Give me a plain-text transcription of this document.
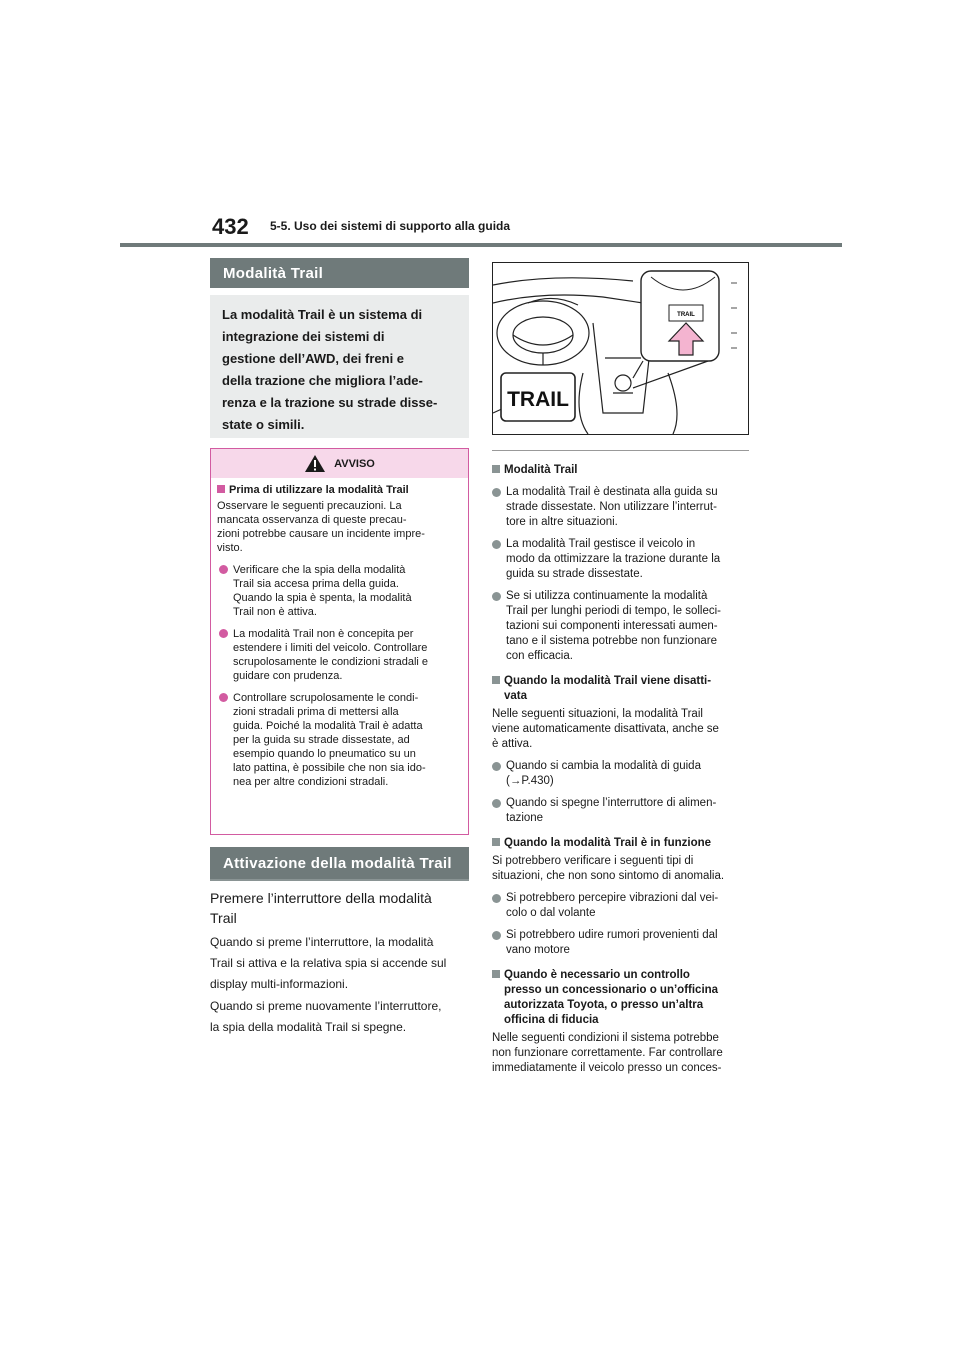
432 5-5. Uso dei sistemi di supporto alla guida
Modalità Trail
La modalità Trail è un sistema di
integrazione dei sistemi di
gestione dell’AWD, dei freni e
della trazione che migliora l’ade-
renza e la trazione su strade disse-
state o simili.
AVVISO
Prima di utilizzare la modalità Trail
Osservare le seguenti precauzioni. La
mancata osservanza di queste precau-
zioni potrebbe causare un incidente impre-
visto.
Verificare che la spia della modalità
Trail sia accesa prima della guida.
Quando la spia è spenta, la modalità
Trail non è attiva.
La modalità Trail non è concepita per
estendere i limiti del veicolo. Controllare
scrupolosamente le condizioni stradali e
guidare con prudenza.
Controllare scrupolosamente le condi-
zioni stradali prima di mettersi alla
guida. Poiché la modalità Trail è adatta
per la guida su strade dissestate, ad
esempio quando lo pneumatico su un
lato pattina, è possibile che non sia ido-
nea per altre condizioni stradali.
Attivazione della modalità Trail
Premere l’interruttore della modalità
Trail
Quando si preme l’interruttore, la modalità
Trail si attiva e la relativa spia si accende sul
display multi-informazioni.
Quando si preme nuovamente l’interruttore,
la spia della modalità Trail si spegne.
TRAIL
TRAIL
Modalità Trail
La modalità Trail è destinata alla guida su
strade dissestate. Non utilizzare l’interrut-
tore in altre situazioni.
La modalità Trail gestisce il veicolo in
modo da ottimizzare la trazione durante la
guida su strade dissestate.
Se si utilizza continuamente la modalità
Trail per lunghi periodi di tempo, le solleci-
tazioni sui componenti interessati aumen-
tano e il sistema potrebbe non funzionare
con efficacia.
Quando la modalità Trail viene disatti-
vata
Nelle seguenti situazioni, la modalità Trail
viene automaticamente disattivata, anche se
è attiva.
Quando si cambia la modalità di guida
(→P.430)
Quando si spegne l’interruttore di alimen-
tazione
Quando la modalità Trail è in funzione
Si potrebbero verificare i seguenti tipi di
situazioni, che non sono sintomo di anomalia.
Si potrebbero percepire vibrazioni dal vei-
colo o dal volante
Si potrebbero udire rumori provenienti dal
vano motore
Quando è necessario un controllo
presso un concessionario o un’officina
autorizzata Toyota, o presso un’altra
officina di fiducia
Nelle seguenti condizioni il sistema potrebbe
non funzionare correttamente. Far controllare
immediatamente il veicolo presso un conces-
